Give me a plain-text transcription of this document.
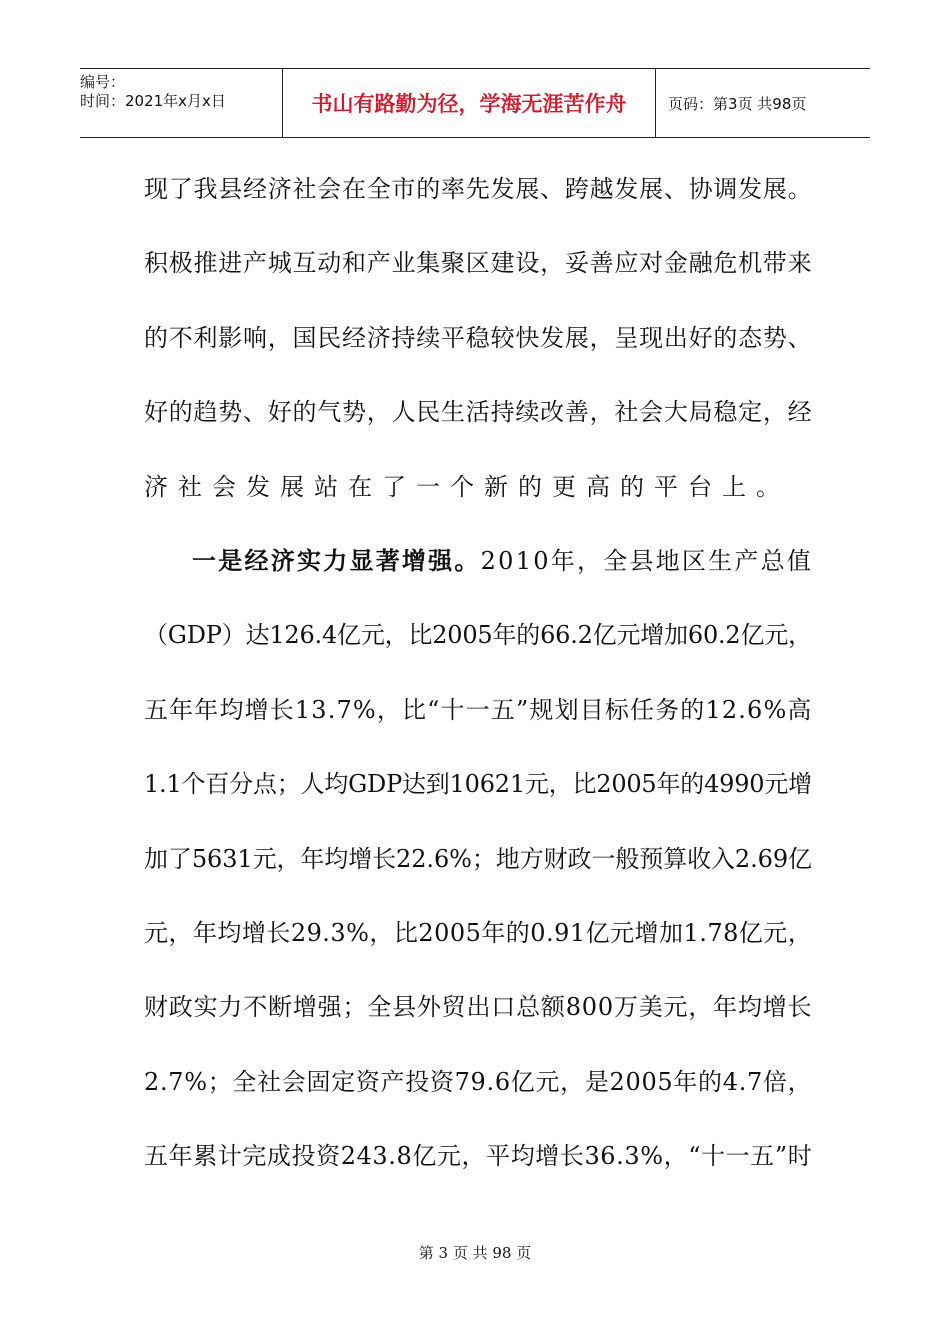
编号：
时间：2021年x月x日	书山有路勤为径，学海无涯苦作舟	页码：第3页 共98页
现了我县经济社会在全市的率先发展、跨越发展、协调发展。
积极推进产城互动和产业集聚区建设，妥善应对金融危机带来
的不利影响，国民经济持续平稳较快发展，呈现出好的态势、
好的趋势、好的气势，人民生活持续改善，社会大局稳定，经
济社会发展站在了一个新的更高的平台上。
一是经济实力显著增强。2010年，全县地区生产总值
（GDP）达126.4亿元，比2005年的66.2亿元增加60.2亿元，
五年年均增长13.7%，比“十一五”规划目标任务的12.6%高
1.1个百分点；人均GDP达到10621元，比2005年的4990元增
加了5631元，年均增长22.6%；地方财政一般预算收入2.69亿
元，年均增长29.3%，比2005年的0.91亿元增加1.78亿元，
财政实力不断增强；全县外贸出口总额800万美元，年均增长
2.7%；全社会固定资产投资79.6亿元，是2005年的4.7倍，
五年累计完成投资243.8亿元，平均增长36.3%，“十一五”时
第 3 页 共 98 页
